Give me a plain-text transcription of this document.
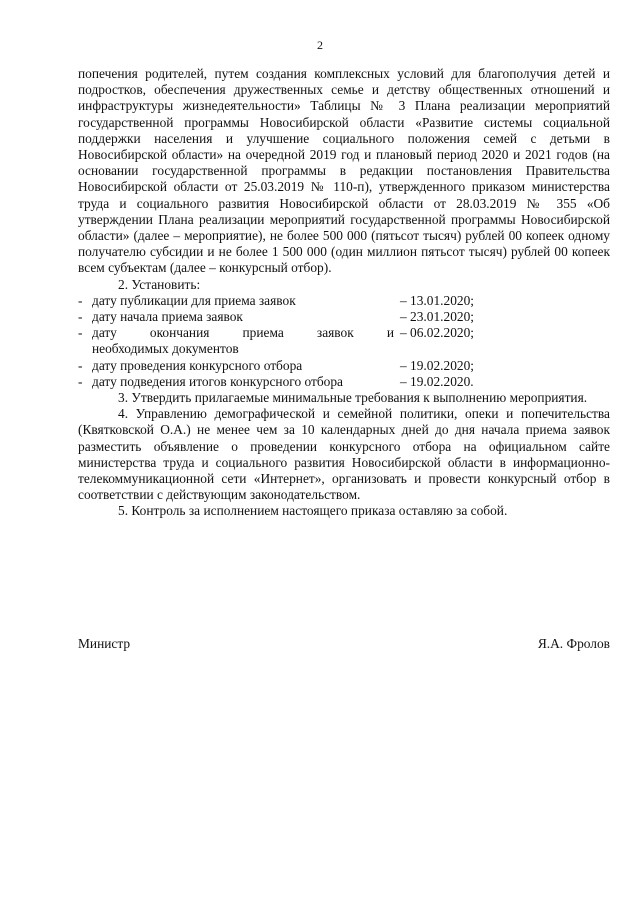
2

попечения родителей, путем создания комплексных условий для благополучия детей и подростков, обеспечения дружественных семье и детству общественных отношений и инфраструктуры жизнедеятельности» Таблицы № 3 Плана реализации мероприятий государственной программы Новосибирской области «Развитие системы социальной поддержки населения и улучшение социального положения семей с детьми в Новосибирской области» на очередной 2019 год и плановый период 2020 и 2021 годов (на основании государственной программы в редакции постановления Правительства Новосибирской области от 25.03.2019 № 110-п), утвержденного приказом министерства труда и социального развития Новосибирской области от 28.03.2019 № 355 «Об утверждении Плана реализации мероприятий государственной программы Новосибирской области» (далее – мероприятие), не более 500 000 (пятьсот тысяч) рублей 00 копеек одному получателю субсидии и не более 1 500 000 (один миллион пятьсот тысяч) рублей 00 копеек всем субъектам (далее – конкурсный отбор).

2. Установить:

- дату публикации для приема заявок	– 13.01.2020;
- дату начала приема заявок	– 23.01.2020;
- дату окончания приема заявок и – 06.02.2020;
необходимых документов
- дату проведения конкурсного отбора	– 19.02.2020;
- дату подведения итогов конкурсного отбора	– 19.02.2020.

3. Утвердить прилагаемые минимальные требования к выполнению мероприятия.

4. Управлению демографической и семейной политики, опеки и попечительства (Квятковской О.А.) не менее чем за 10 календарных дней до дня начала приема заявок разместить объявление о проведении конкурсного отбора на официальном сайте министерства труда и социального развития Новосибирской области в информационно-телекоммуникационной сети «Интернет», организовать и провести конкурсный отбор в соответствии с действующим законодательством.

5. Контроль за исполнением настоящего приказа оставляю за собой.

Министр	Я.А. Фролов
